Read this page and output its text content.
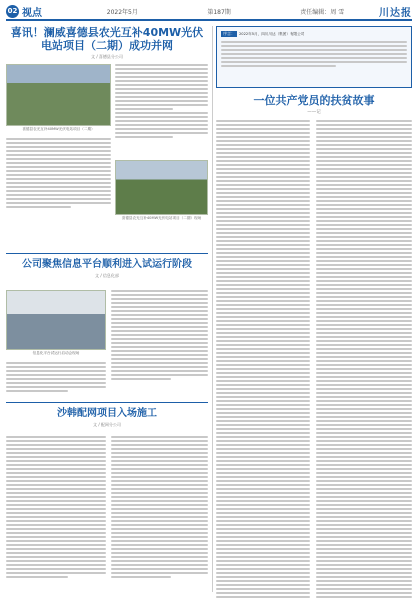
02 视点	2022年5月	第187期	责任编辑：周 雪	川达报
喜讯！澜威喜德县农光互补40MW光伏
电站项目（二期）成功并网
文 / 喜德县分公司
喜德县农光互补40MW光伏电站项目（二期）
喜德县农光互补40MW光伏电站项目（二期）现场
公司聚焦信息平台顺利进入试运行阶段
文 / 信息化部
信息化平台试运行启动会现场
沙韩配网项目入场施工
文 / 配网分公司
序言： 2022年5月，四川川达（集团）有限公司
一位共产党员的扶贫故事
——记
